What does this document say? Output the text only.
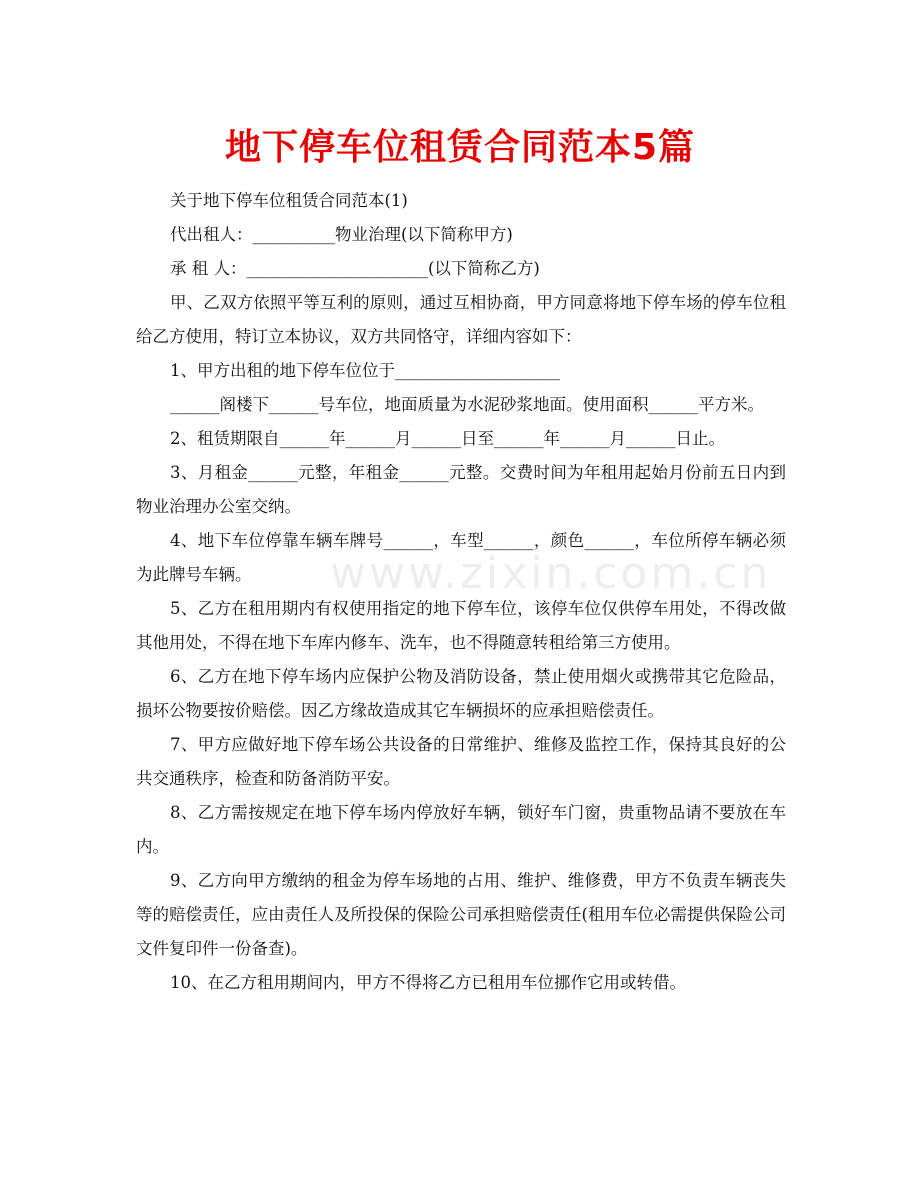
地下停车位租赁合同范本5篇

关于地下停车位租赁合同范本(1)

代出租人：__________物业治理(以下简称甲方)

承 租 人：______________________(以下简称乙方)

甲、乙双方依照平等互利的原则，通过互相协商，甲方同意将地下停车场的停车位租给乙方使用，特订立本协议，双方共同恪守，详细内容如下：

1、甲方出租的地下停车位位于____________________

______阁楼下______号车位，地面质量为水泥砂浆地面。使用面积______平方米。

2、租赁期限自______年______月______日至______年______月______日止。

3、月租金______元整，年租金______元整。交费时间为年租用起始月份前五日内到物业治理办公室交纳。

4、地下车位停靠车辆车牌号______，车型______，颜色______，车位所停车辆必须为此牌号车辆。

5、乙方在租用期内有权使用指定的地下停车位，该停车位仅供停车用处，不得改做其他用处，不得在地下车库内修车、洗车，也不得随意转租给第三方使用。

6、乙方在地下停车场内应保护公物及消防设备，禁止使用烟火或携带其它危险品，损坏公物要按价赔偿。因乙方缘故造成其它车辆损坏的应承担赔偿责任。

7、甲方应做好地下停车场公共设备的日常维护、维修及监控工作，保持其良好的公共交通秩序，检查和防备消防平安。

8、乙方需按规定在地下停车场内停放好车辆，锁好车门窗，贵重物品请不要放在车内。

9、乙方向甲方缴纳的租金为停车场地的占用、维护、维修费，甲方不负责车辆丧失等的赔偿责任，应由责任人及所投保的保险公司承担赔偿责任(租用车位必需提供保险公司文件复印件一份备查)。

10、在乙方租用期间内，甲方不得将乙方已租用车位挪作它用或转借。

www.zixin.com.cn
